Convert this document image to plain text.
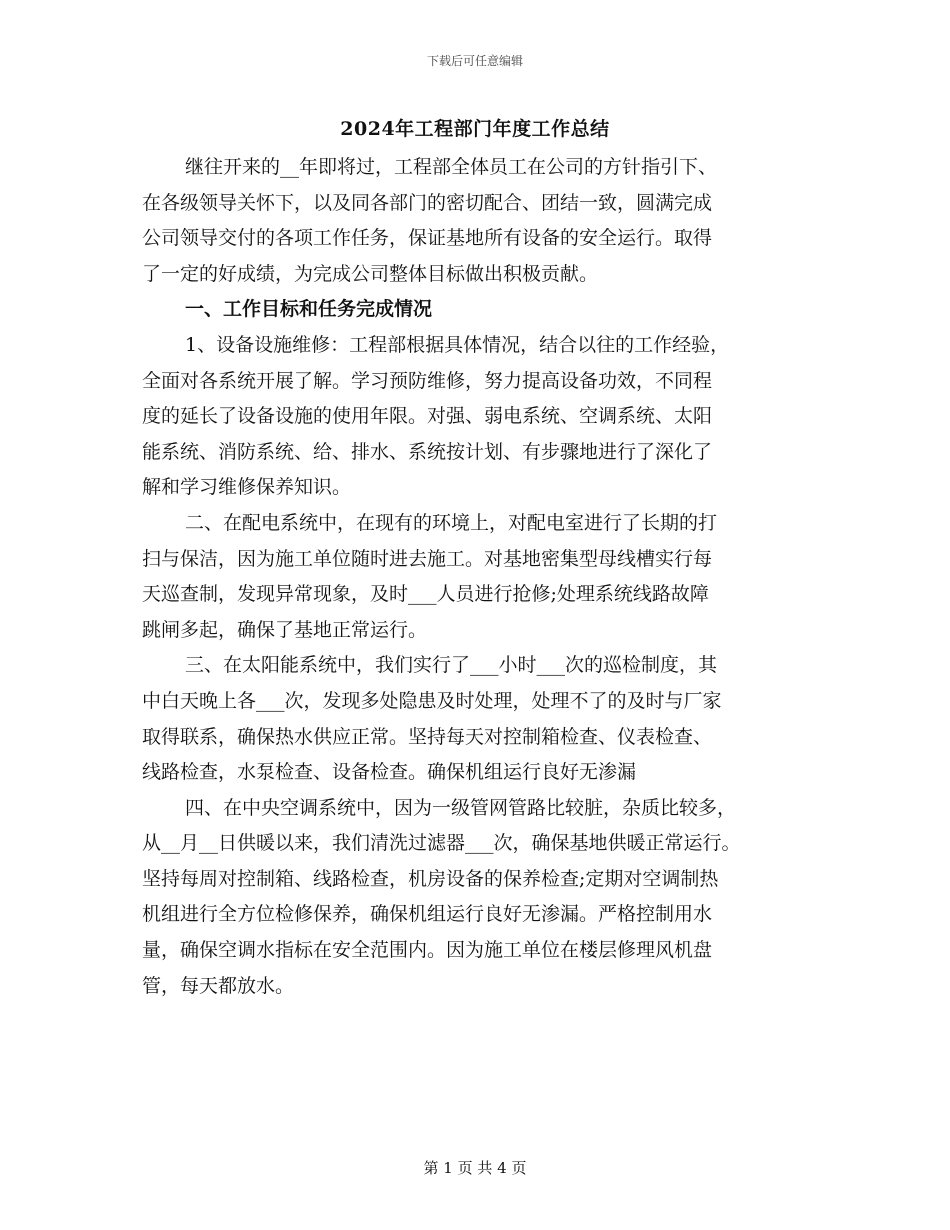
下载后可任意编辑
2024年工程部门年度工作总结
继往开来的__年即将过，工程部全体员工在公司的方针指引下、
在各级领导关怀下，以及同各部门的密切配合、团结一致，圆满完成
公司领导交付的各项工作任务，保证基地所有设备的安全运行。取得
了一定的好成绩，为完成公司整体目标做出积极贡献。
一、工作目标和任务完成情况
1、设备设施维修：工程部根据具体情况，结合以往的工作经验，
全面对各系统开展了解。学习预防维修，努力提高设备功效，不同程
度的延长了设备设施的使用年限。对强、弱电系统、空调系统、太阳
能系统、消防系统、给、排水、系统按计划、有步骤地进行了深化了
解和学习维修保养知识。
二、在配电系统中，在现有的环境上，对配电室进行了长期的打
扫与保洁，因为施工单位随时进去施工。对基地密集型母线槽实行每
天巡查制，发现异常现象，及时___人员进行抢修;处理系统线路故障
跳闸多起，确保了基地正常运行。
三、在太阳能系统中，我们实行了___小时___次的巡检制度，其
中白天晚上各___次，发现多处隐患及时处理，处理不了的及时与厂家
取得联系，确保热水供应正常。坚持每天对控制箱检查、仪表检查、
线路检查，水泵检查、设备检查。确保机组运行良好无渗漏
四、在中央空调系统中，因为一级管网管路比较脏，杂质比较多，
从__月__日供暖以来，我们清洗过滤器___次，确保基地供暖正常运行。
坚持每周对控制箱、线路检查，机房设备的保养检查;定期对空调制热
机组进行全方位检修保养，确保机组运行良好无渗漏。严格控制用水
量，确保空调水指标在安全范围内。因为施工单位在楼层修理风机盘
管，每天都放水。
第 1 页 共 4 页
